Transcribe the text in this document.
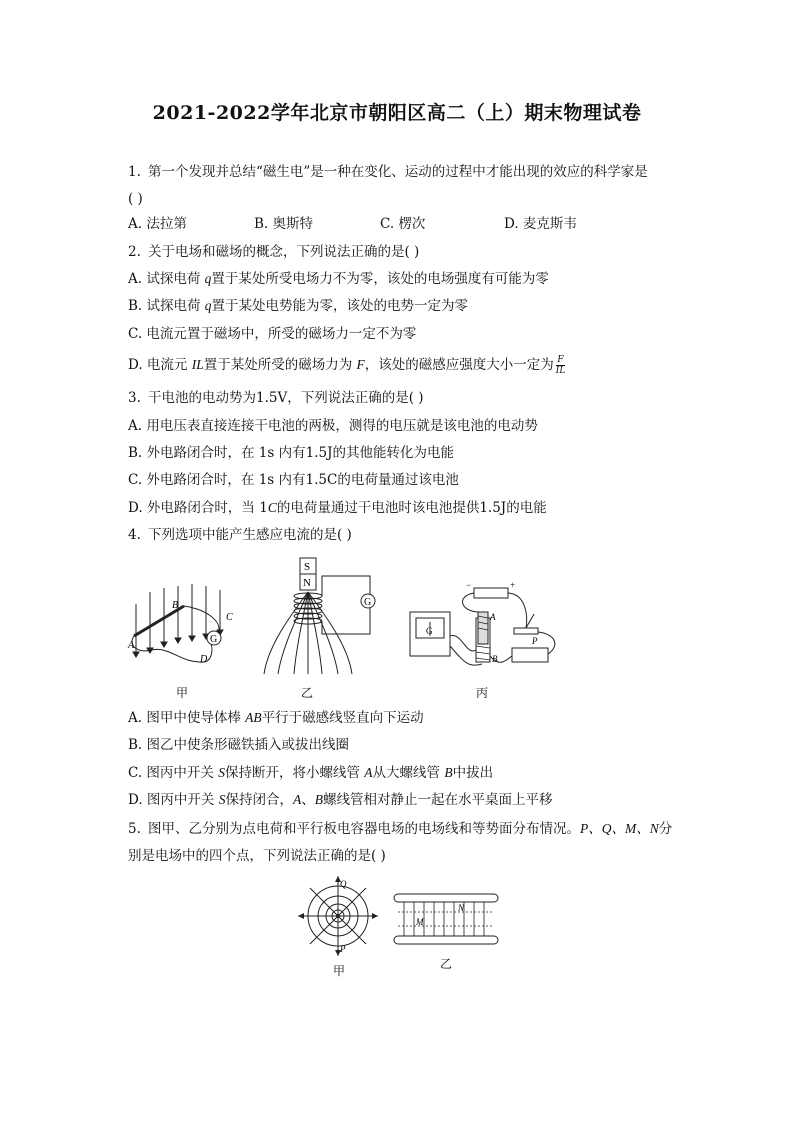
2021-2022学年北京市朝阳区高二（上）期末物理试卷
1. 第一个发现并总结“磁生电”是一种在变化、运动的过程中才能出现的效应的科学家是
( )
A. 法拉第	B. 奥斯特	C. 楞次	D. 麦克斯韦
2. 关于电场和磁场的概念，下列说法正确的是( )
A. 试探电荷 q置于某处所受电场力不为零，该处的电场强度有可能为零
B. 试探电荷 q置于某处电势能为零，该处的电势一定为零
C. 电流元置于磁场中，所受的磁场力一定不为零
D. 电流元 IL置于某处所受的磁场力为 F，该处的磁感应强度大小一定为 $\frac{F}{IL}$
3. 干电池的电动势为1.5V，下列说法正确的是( )
A. 用电压表直接连接干电池的两极，测得的电压就是该电池的电动势
B. 外电路闭合时，在 1s 内有1.5J的其他能转化为电能
C. 外电路闭合时，在 1s 内有1.5C的电荷量通过该电池
D. 外电路闭合时，当 1C的电荷量通过干电池时该电池提供1.5J的电能
4. 下列选项中能产生感应电流的是( )
G
B
C
A
D
甲
S
N
G
乙
G
A
B
−	+
P
丙
A. 图甲中使导体棒 AB平行于磁感线竖直向下运动
B. 图乙中使条形磁铁插入或拔出线圈
C. 图丙中开关 S保持断开，将小螺线管 A从大螺线管 B中拔出
D. 图丙中开关 S保持闭合，A、B螺线管相对静止一起在水平桌面上平移
5. 图甲、乙分别为点电荷和平行板电容器电场的电场线和等势面分布情况。P、Q、M、N分
别是电场中的四个点，下列说法正确的是( )
Q
P
甲
N
M
乙
